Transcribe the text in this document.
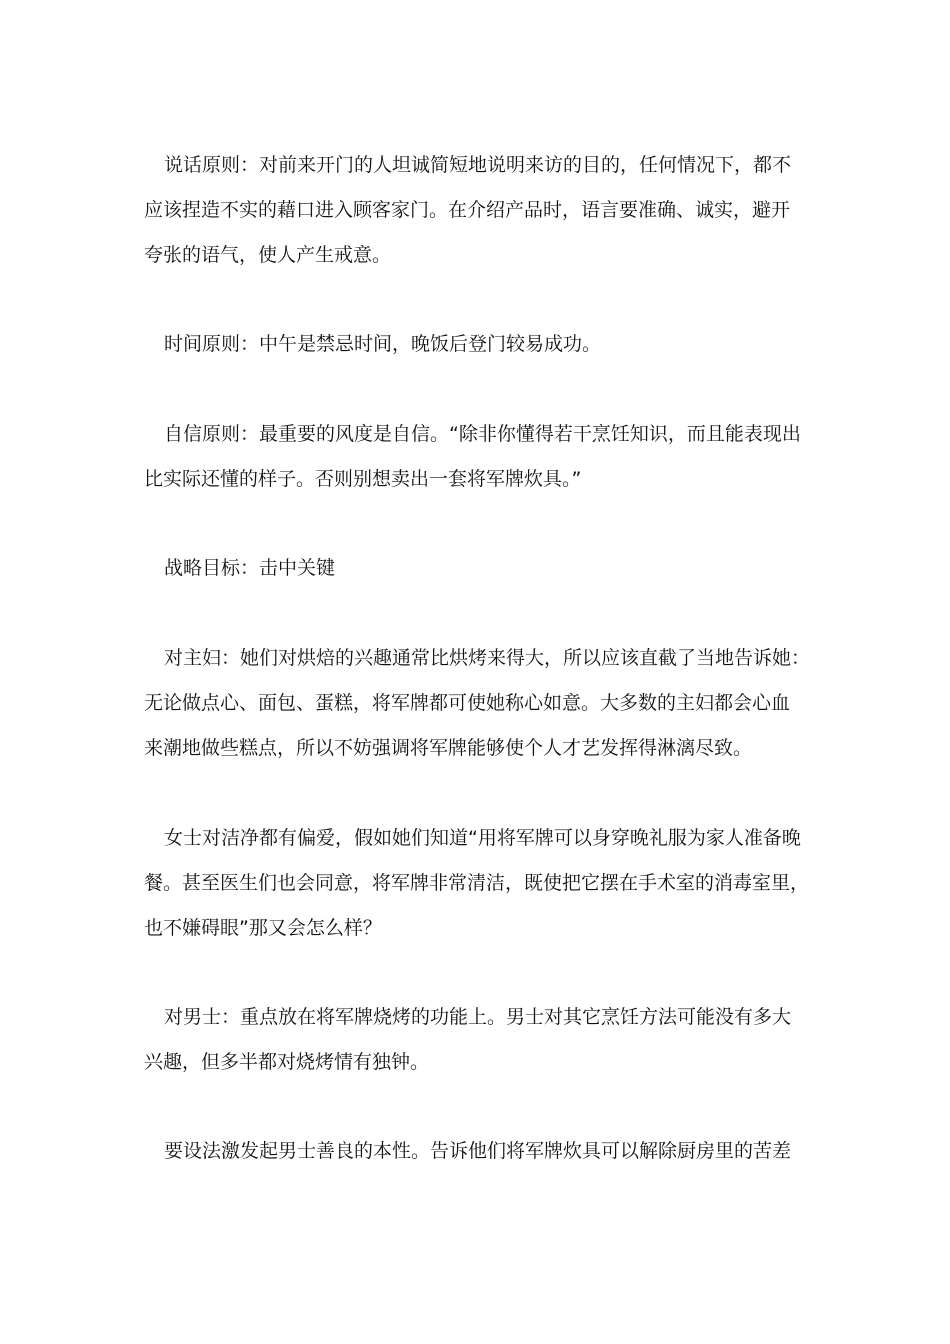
说话原则：对前来开门的人坦诚简短地说明来访的目的，任何情况下，都不
应该捏造不实的藉口进入顾客家门。在介绍产品时，语言要准确、诚实，避开
夸张的语气，使人产生戒意。
时间原则：中午是禁忌时间，晚饭后登门较易成功。
自信原则：最重要的风度是自信。“除非你懂得若干烹饪知识，而且能表现出
比实际还懂的样子。否则别想卖出一套将军牌炊具。”
战略目标：击中关键
对主妇：她们对烘焙的兴趣通常比烘烤来得大，所以应该直截了当地告诉她：
无论做点心、面包、蛋糕，将军牌都可使她称心如意。大多数的主妇都会心血
来潮地做些糕点，所以不妨强调将军牌能够使个人才艺发挥得淋漓尽致。
女士对洁净都有偏爱，假如她们知道“用将军牌可以身穿晚礼服为家人准备晚
餐。甚至医生们也会同意，将军牌非常清洁，既使把它摆在手术室的消毒室里，
也不嫌碍眼”那又会怎么样？
对男士：重点放在将军牌烧烤的功能上。男士对其它烹饪方法可能没有多大
兴趣，但多半都对烧烤情有独钟。
要设法激发起男士善良的本性。告诉他们将军牌炊具可以解除厨房里的苦差
